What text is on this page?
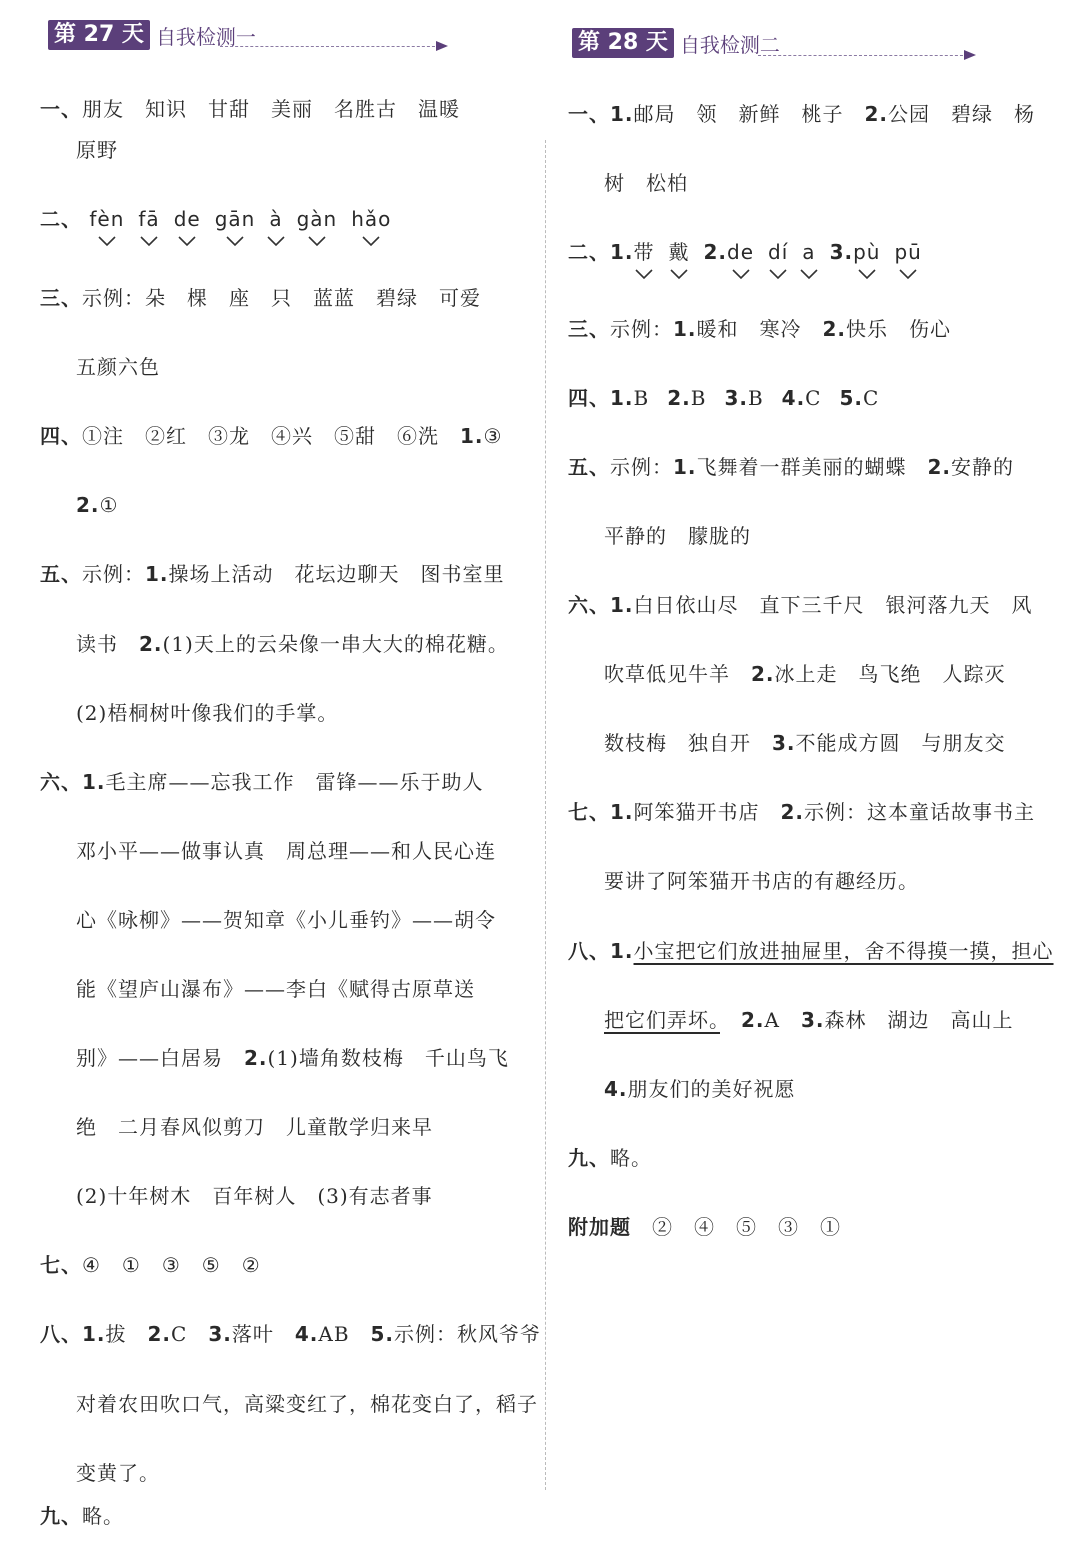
第 27 天 自我检测一
一、朋友　知识　甘甜　美丽　名胜古　温暖
原野
二、 fèn fā de gān à gàn hǎo
三、示例：朵　棵　座　只　蓝蓝　碧绿　可爱
五颜六色
四、①注　②红　③龙　④兴　⑤甜　⑥洗　1.③
2.①
五、示例：1.操场上活动　花坛边聊天　图书室里
读书　2.(1)天上的云朵像一串大大的棉花糖。
(2)梧桐树叶像我们的手掌。
六、1.毛主席——忘我工作　雷锋——乐于助人
邓小平——做事认真　周总理——和人民心连
心《咏柳》——贺知章《小儿垂钓》——胡令
能《望庐山瀑布》——李白《赋得古原草送
别》——白居易　2.(1)墙角数枝梅　千山鸟飞
绝　二月春风似剪刀　儿童散学归来早
(2)十年树木　百年树人　(3)有志者事
七、④　①　③　⑤　②
八、1.拔　2.C　3.落叶　4.AB　5.示例：秋风爷爷
对着农田吹口气，高粱变红了，棉花变白了，稻子
变黄了。
九、略。
第 28 天 自我检测二
一、1.邮局　领　新鲜　桃子　2.公园　碧绿　杨
树　松柏
二、1.带 戴 2.de dí a 3.pù pū
三、示例：1.暖和　寒冷　2.快乐　伤心
四、1.B 2.B 3.B 4.C 5.C
五、示例：1.飞舞着一群美丽的蝴蝶　2.安静的
平静的　朦胧的
六、1.白日依山尽　直下三千尺　银河落九天　风
吹草低见牛羊　2.冰上走　鸟飞绝　人踪灭
数枝梅　独自开　3.不能成方圆　与朋友交
七、1.阿笨猫开书店　2.示例：这本童话故事书主
要讲了阿笨猫开书店的有趣经历。
八、1.小宝把它们放进抽屉里，舍不得摸一摸，担心
把它们弄坏。　 2.A　3.森林　湖边　高山上
4.朋友们的美好祝愿
九、略。
附加题　 ②　④　⑤　③　①
